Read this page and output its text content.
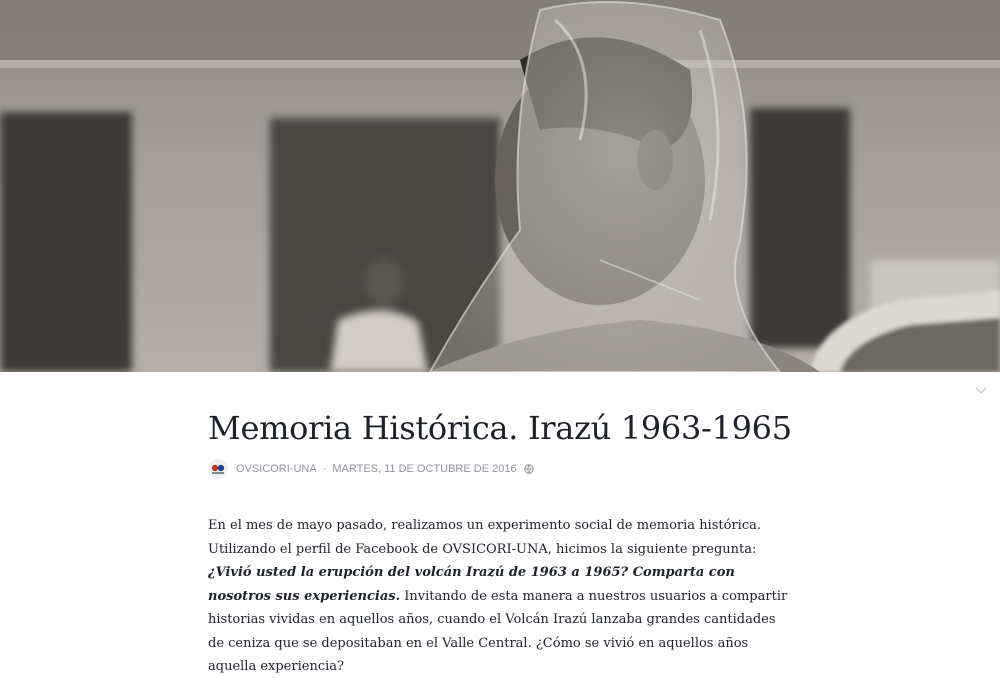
Memoria Histórica. Irazú 1963-1965
OVSICORI-UNA · MARTES, 11 DE OCTUBRE DE 2016

En el mes de mayo pasado, realizamos un experimento social de memoria histórica. Utilizando el perfil de Facebook de OVSICORI-UNA, hicimos la siguiente pregunta: ¿Vivió usted la erupción del volcán Irazú de 1963 a 1965? Comparta con nosotros sus experiencias. Invitando de esta manera a nuestros usuarios a compartir historias vividas en aquellos años, cuando el Volcán Irazú lanzaba grandes cantidades de ceniza que se depositaban en el Valle Central. ¿Cómo se vivió en aquellos años aquella experiencia?
